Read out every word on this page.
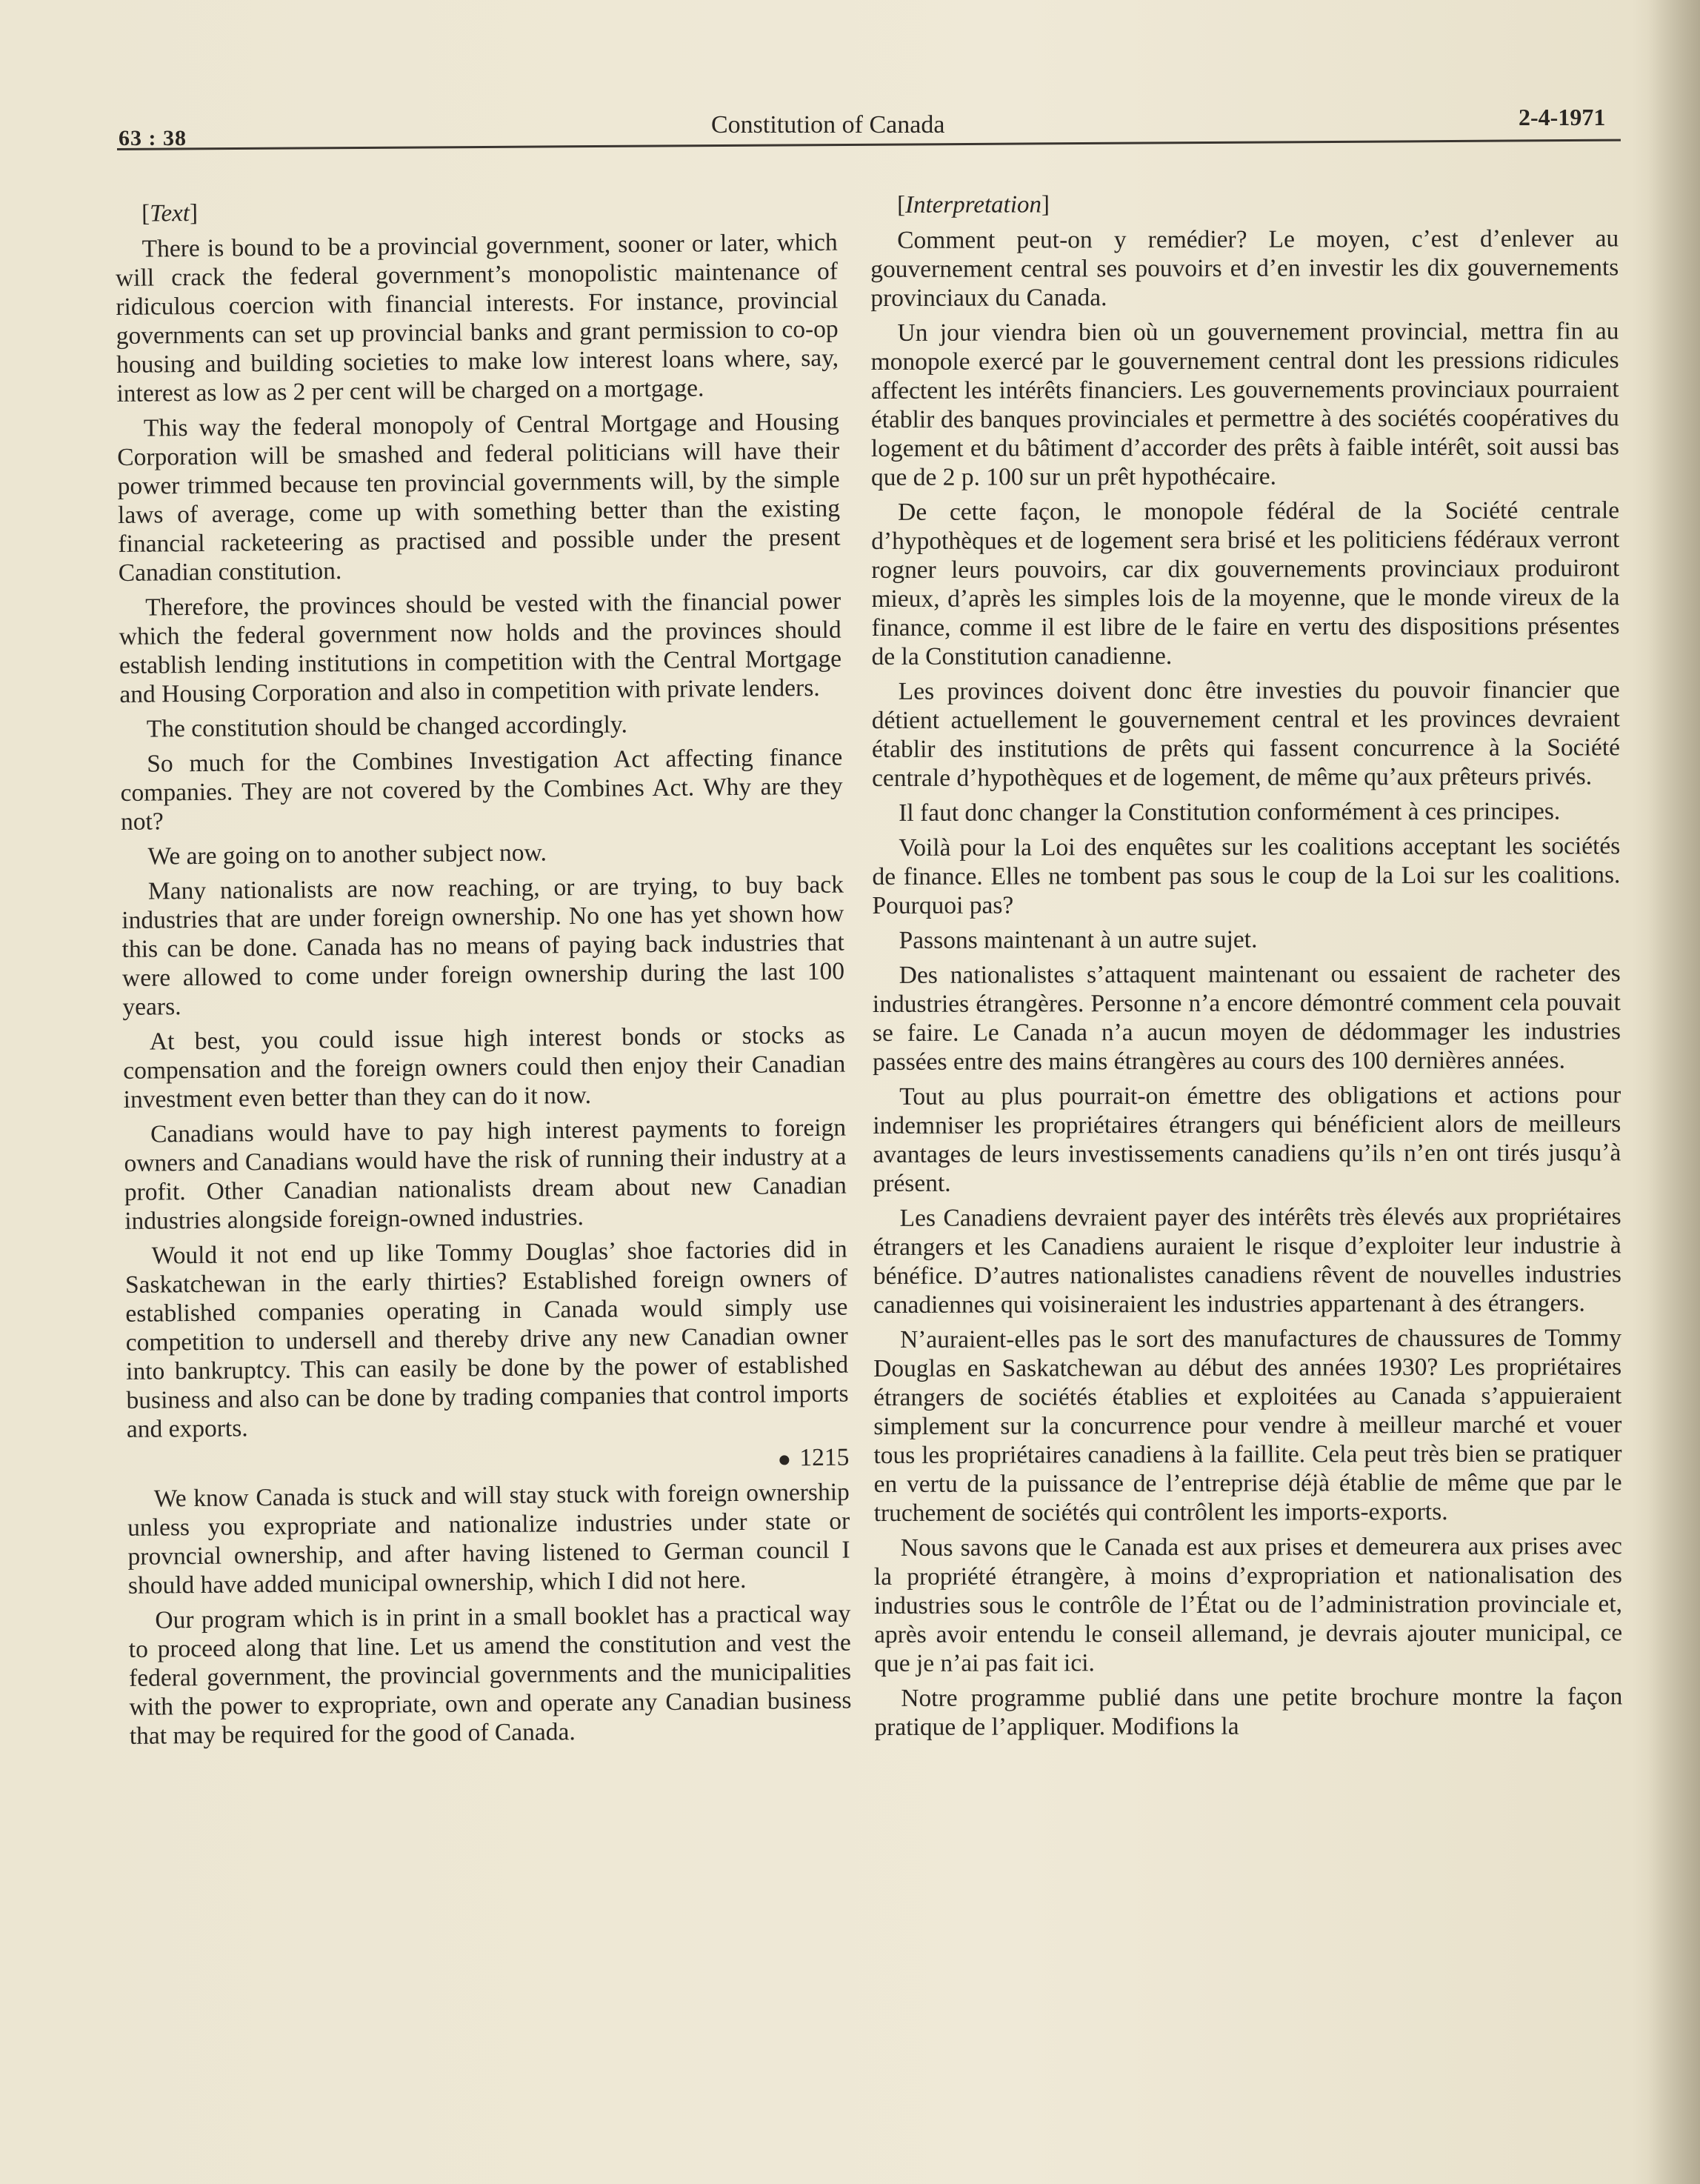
63 : 38	Constitution of Canada	2-4-1971

[Text]

There is bound to be a provincial government, sooner or later, which will crack the federal government’s monopolistic maintenance of ridiculous coercion with financial interests. For instance, provincial governments can set up provincial banks and grant permission to co-op housing and building societies to make low interest loans where, say, interest as low as 2 per cent will be charged on a mortgage.

This way the federal monopoly of Central Mortgage and Housing Corporation will be smashed and federal politicians will have their power trimmed because ten provincial governments will, by the simple laws of average, come up with something better than the existing financial racketeering as practised and possible under the present Canadian constitution.

Therefore, the provinces should be vested with the financial power which the federal government now holds and the provinces should establish lending institutions in competition with the Central Mortgage and Housing Corporation and also in competition with private lenders.

The constitution should be changed accordingly.

So much for the Combines Investigation Act affecting finance companies. They are not covered by the Combines Act. Why are they not?

We are going on to another subject now.

Many nationalists are now reaching, or are trying, to buy back industries that are under foreign ownership. No one has yet shown how this can be done. Canada has no means of paying back industries that were allowed to come under foreign ownership during the last 100 years.

At best, you could issue high interest bonds or stocks as compensation and the foreign owners could then enjoy their Canadian investment even better than they can do it now.

Canadians would have to pay high interest payments to foreign owners and Canadians would have the risk of running their industry at a profit. Other Canadian nationalists dream about new Canadian industries alongside foreign-owned industries.

Would it not end up like Tommy Douglas’ shoe factories did in Saskatchewan in the early thirties? Established foreign owners of established companies operating in Canada would simply use competition to undersell and thereby drive any new Canadian owner into bankruptcy. This can easily be done by the power of established business and also can be done by trading companies that control imports and exports.

1215

We know Canada is stuck and will stay stuck with foreign ownership unless you expropriate and nationalize industries under state or provncial ownership, and after having listened to German council I should have added municipal ownership, which I did not here.

Our program which is in print in a small booklet has a practical way to proceed along that line. Let us amend the constitution and vest the federal government, the provincial governments and the municipalities with the power to expropriate, own and operate any Canadian business that may be required for the good of Canada.

[Interpretation]

Comment peut-on y remédier? Le moyen, c’est d’enlever au gouvernement central ses pouvoirs et d’en investir les dix gouvernements provinciaux du Canada.

Un jour viendra bien où un gouvernement provincial, mettra fin au monopole exercé par le gouvernement central dont les pressions ridicules affectent les intérêts financiers. Les gouvernements provinciaux pourraient établir des banques provinciales et permettre à des sociétés coopératives du logement et du bâtiment d’accorder des prêts à faible intérêt, soit aussi bas que de 2 p. 100 sur un prêt hypothécaire.

De cette façon, le monopole fédéral de la Société centrale d’hypothèques et de logement sera brisé et les politiciens fédéraux verront rogner leurs pouvoirs, car dix gouvernements provinciaux produiront mieux, d’après les simples lois de la moyenne, que le monde vireux de la finance, comme il est libre de le faire en vertu des dispositions présentes de la Constitution canadienne.

Les provinces doivent donc être investies du pouvoir financier que détient actuellement le gouvernement central et les provinces devraient établir des institutions de prêts qui fassent concurrence à la Société centrale d’hypothèques et de logement, de même qu’aux prêteurs privés.

Il faut donc changer la Constitution conformément à ces principes.

Voilà pour la Loi des enquêtes sur les coalitions acceptant les sociétés de finance. Elles ne tombent pas sous le coup de la Loi sur les coalitions. Pourquoi pas?

Passons maintenant à un autre sujet.

Des nationalistes s’attaquent maintenant ou essaient de racheter des industries étrangères. Personne n’a encore démontré comment cela pouvait se faire. Le Canada n’a aucun moyen de dédommager les industries passées entre des mains étrangères au cours des 100 dernières années.

Tout au plus pourrait-on émettre des obligations et actions pour indemniser les propriétaires étrangers qui bénéficient alors de meilleurs avantages de leurs investissements canadiens qu’ils n’en ont tirés jusqu’à présent.

Les Canadiens devraient payer des intérêts très élevés aux propriétaires étrangers et les Canadiens auraient le risque d’exploiter leur industrie à bénéfice. D’autres nationalistes canadiens rêvent de nouvelles industries canadiennes qui voisineraient les industries appartenant à des étrangers.

N’auraient-elles pas le sort des manufactures de chaussures de Tommy Douglas en Saskatchewan au début des années 1930? Les propriétaires étrangers de sociétés établies et exploitées au Canada s’appuieraient simplement sur la concurrence pour vendre à meilleur marché et vouer tous les propriétaires canadiens à la faillite. Cela peut très bien se pratiquer en vertu de la puissance de l’entreprise déjà établie de même que par le truchement de sociétés qui contrôlent les imports-exports.

Nous savons que le Canada est aux prises et demeurera aux prises avec la propriété étrangère, à moins d’expropriation et nationalisation des industries sous le contrôle de l’État ou de l’administration provinciale et, après avoir entendu le conseil allemand, je devrais ajouter municipal, ce que je n’ai pas fait ici.

Notre programme publié dans une petite brochure montre la façon pratique de l’appliquer. Modifions la
